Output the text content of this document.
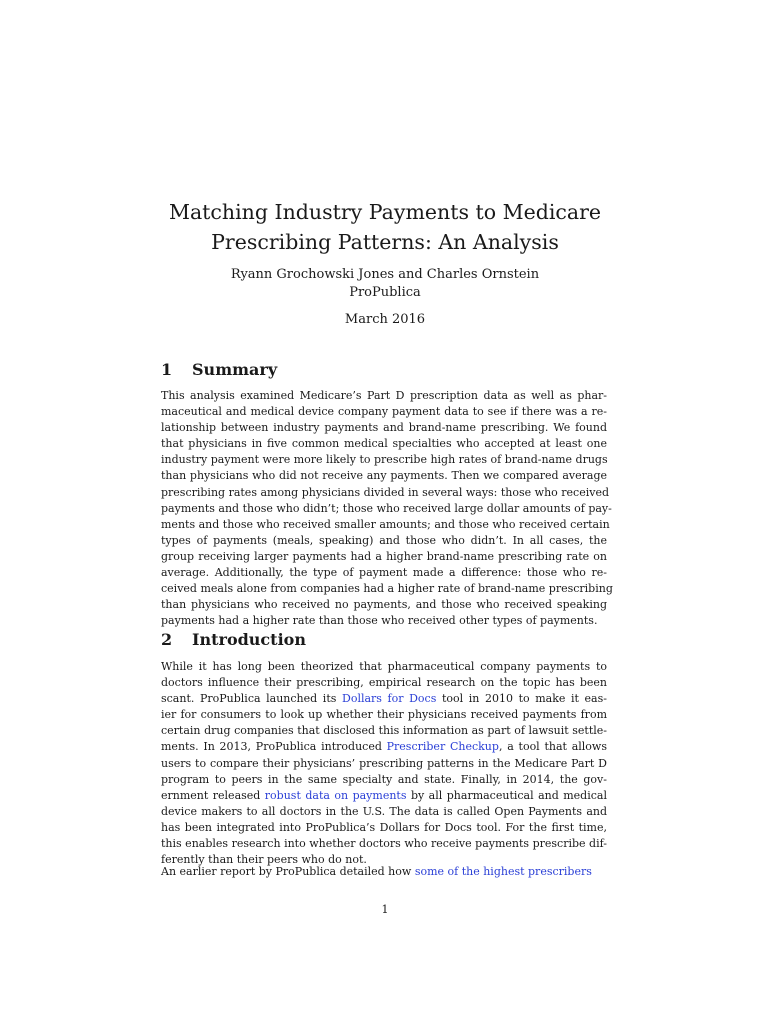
Matching Industry Payments to Medicare
Prescribing Patterns: An Analysis
Ryann Grochowski Jones and Charles Ornstein
ProPublica
March 2016
1 Summary

This analysis examined Medicare’s Part D prescription data as well as phar-
maceutical and medical device company payment data to see if there was a re-
lationship between industry payments and brand-name prescribing. We found
that physicians in five common medical specialties who accepted at least one
industry payment were more likely to prescribe high rates of brand-name drugs
than physicians who did not receive any payments. Then we compared average
prescribing rates among physicians divided in several ways: those who received
payments and those who didn’t; those who received large dollar amounts of pay-
ments and those who received smaller amounts; and those who received certain
types of payments (meals, speaking) and those who didn’t. In all cases, the
group receiving larger payments had a higher brand-name prescribing rate on
average. Additionally, the type of payment made a difference: those who re-
ceived meals alone from companies had a higher rate of brand-name prescribing
than physicians who received no payments, and those who received speaking
payments had a higher rate than those who received other types of payments.

2 Introduction

While it has long been theorized that pharmaceutical company payments to
doctors influence their prescribing, empirical research on the topic has been
scant. ProPublica launched its Dollars for Docs tool in 2010 to make it eas-
ier for consumers to look up whether their physicians received payments from
certain drug companies that disclosed this information as part of lawsuit settle-
ments. In 2013, ProPublica introduced Prescriber Checkup, a tool that allows
users to compare their physicians’ prescribing patterns in the Medicare Part D
program to peers in the same specialty and state. Finally, in 2014, the gov-
ernment released robust data on payments by all pharmaceutical and medical
device makers to all doctors in the U.S. The data is called Open Payments and
has been integrated into ProPublica’s Dollars for Docs tool. For the first time,
this enables research into whether doctors who receive payments prescribe dif-
ferently than their peers who do not.

An earlier report by ProPublica detailed how some of the highest prescribers

1
